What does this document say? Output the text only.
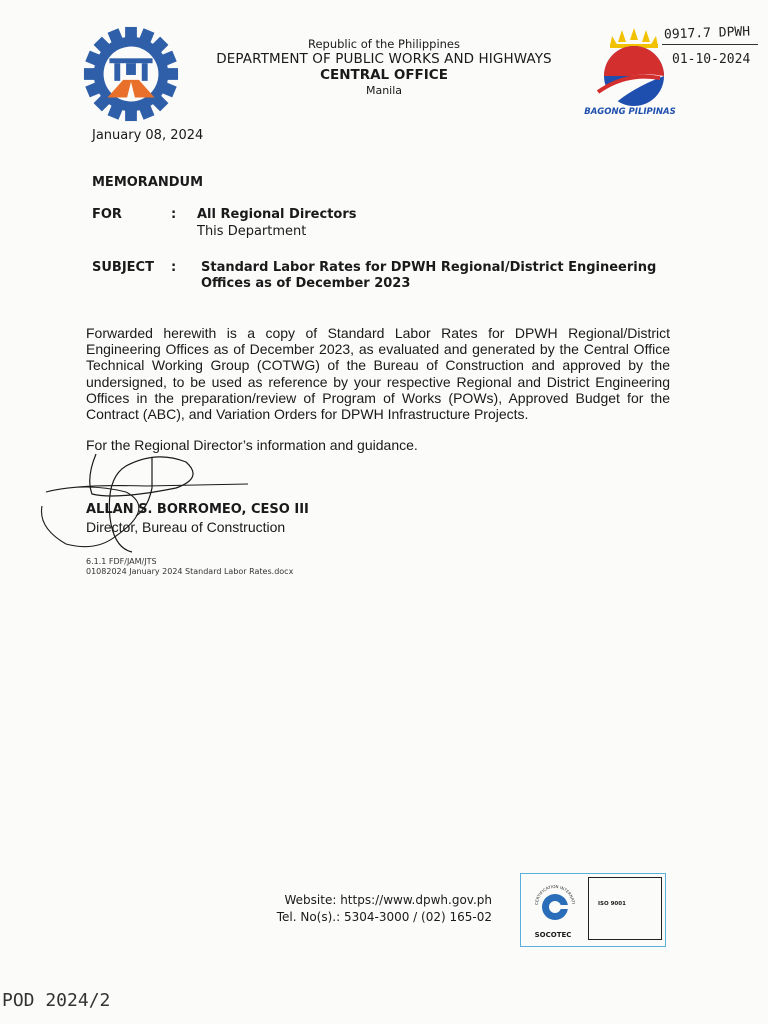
Republic of the Philippines
DEPARTMENT OF PUBLIC WORKS AND HIGHWAYS
CENTRAL OFFICE
Manila
BAGONG PILIPINAS
0917.7 DPWH
01-10-2024
January 08, 2024
MEMORANDUM
FOR	: All Regional Directors
This Department
SUBJECT : Standard Labor Rates for DPWH Regional/District Engineering Offices as of December 2023
Forwarded herewith is a copy of Standard Labor Rates for DPWH Regional/District Engineering Offices as of December 2023, as evaluated and generated by the Central Office Technical Working Group (COTWG) of the Bureau of Construction and approved by the undersigned, to be used as reference by your respective Regional and District Engineering Offices in the preparation/review of Program of Works (POWs), Approved Budget for the Contract (ABC), and Variation Orders for DPWH Infrastructure Projects.
For the Regional Director’s information and guidance.
ALLAN S. BORROMEO, CESO III
Director, Bureau of Construction
6.1.1 FDF/JAM/JTS
01082024 January 2024 Standard Labor Rates.docx
Website: https://www.dpwh.gov.ph
Tel. No(s).: 5304-3000 / (02) 165-02
CERTIFICATION INTERNATI	ISO 9001
SOCOTEC
POD 2024/2
